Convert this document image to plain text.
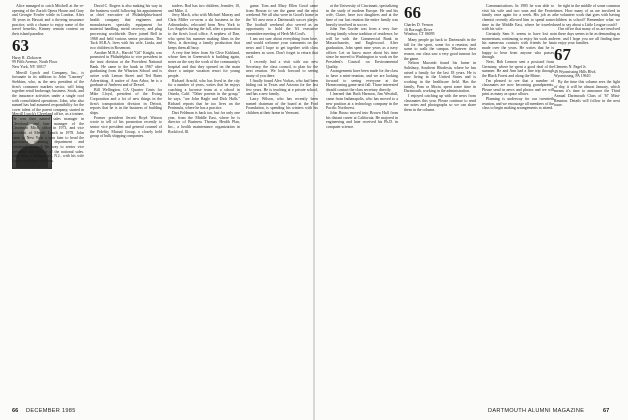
Alice managed to catch Mitchell at the re-opening of the Zurich Opera House and Gary and Georgie Fowler while in London. After 36 years in Hawaii and a thriving insurance practice, with a chance to enjoy some of the travel benefits, Kinney remain content on their island paradise.

63

Harry R. Zlokower
99 Fifth Avenue, North Floor
New York, NY 10017

Merrill Lynch and Company, Inc., is fortunate in its addition to John "Laurney" Stebbins, who, as the new president of the firm's consumer markets sector, will bring together retail brokerage, business. Stock, and the insurance activities under a single roof with consolidated operations. John, who also named has had assumed responsibility for the cover talent of the parent company, started in Merrill Lynch's Cleveland office, as a trainee. He was then named sales manager in Cleveland, and later manager of the Cincinnati Mich. office in 1973, and vice president of Merrill Lynch in 1978. John came to New York a year later to head the operations planning department and continued to work his way to senior vice president and director of the national sales. John lives in Ridgewood, N.J., with his wife Louise, and three children.

David C. Rogers is also making his way in the business world following his appointment as chief executive of Philadelphia-based health company that engineers and manufactures specialty equipment for material handling, metal recovery, and plug processing worldwide. Dave joined Bell in 1968 and held various senior positions. The Tuck M.B.A. lives with his wife, Linda, and two children in Rosemont.

Another M.B.A., Harold "Gil" Knight, was promoted in Philadelphia to vice president in the trust division at the Provident National Bank. He came to the bank in 1967 after graduating from the Wharton School and is active with Lemon Street and Ted Bates Advertising. A native of Ann Arbor, he is a graduate of Amherst and of Drexel.

Bill Wellington, CA Quarter Cents for Mike Lloyd, president of the Ewing Corporation and a lot of new things in the firm's transportation division in Detroit, reports that he is in the business of building ships.

Former president Jerrett Boyd Watson wrote to tell of his promotion recently to senior vice president and general counsel of the Fidelity Mutual Group, a closely held group of bulk shipping companies.

traders. Rod has two children, Jennifer, 10, and Mike, 4.

Jerry Mach, who with Michael Murray and Chris Miller co-owns a ski business in the Adirondacks, relocated from New York to Los Angeles during the fall, after a promotion to the firm's local office. A nephew of Dan, who spent his summer making films in the West, is directing a family production that keeps them all busy.

A very fine letter from Sir Clive Kirkland, whose firm in Greenwich is building again, notes on the way the work of the community's hospital and that they opened on the main shore a unique vacation resort for young people.

Richard Arnold, who has lived in the city for a number of years, writes that he enjoys coaching a lacrosse team at a school in Orinda, Calif. "Other parents in the group," he says, "are John Ragle and Dick Halls." Richard reports that he too lives on the Peninsula, where he has a practice.

Dart Feldman is back too, but for only one year, from the Middle East, where he is director of Business Thomas Health Plan, Inc., a health maintenance organization in Rockford, Ill.

game. Tom and Mary Ellen Good came from Boston to see the game and the next weekend. We all also were in Good's home in the '63 area near a Dartmouth soccer player. The football weekend also served as an opportunity to hold the '63 executive committee meeting of Herb McCord's.

I am not sure about everything from here, and would welcome your comments on the news and I hope to get together with class members as soon. Don't forget to return that card.

I recently had a visit with our new Secretary, the class council, to plan for the next reunion. We look forward to seeing many of you there.

I finally found Alex Vorkas, who had been hiding out in Texas and Arizona for the last few years. He is teaching at a private school, and has a new family.

Larry Wilson, who has recently been named chairman of the board at the Ford Foundation, is spending his winters with his children at their home in Vermont.

at the University of Cincinnati, specializing in the study of modern Europe. He and his wife, Claire, have two daughters and at the time of our last reunion the entire family was heavily involved in soccer.

John Van Gorder was from a very fun-loving family whose tradition of residence, he will be with the Commercial Bank in Massachusetts, and Englewood. After graduation, John spent nine years as a navy officer. Let us know more about his time since he moved to Washington to work on the President's Council on Environmental Quality.

Arrangements have been made for the class to have a mini-reunion, and we are looking forward to seeing everyone at the Homecoming game next fall. Those interested should contact the class secretary directly.

I learned that Ruth Harmon, Jim Westfall, came from Indianapolis, who has moved to a new position at a technology company in the Pacific Northwest.

John Russo moved into Brown Hall from his distant career at California. He majored in engineering and later received his Ph.D. in computer science.

66

Charles D. Vernon
16 Borough Drive
Windsor, CT 06095

Many people go back to Dartmouth in the fall for the sport, some for a reunion, and some to walk the campus. Whatever their reason, our class saw a very good turnout for the game.

Nelson Macomb found his home in Salisbury, Southern Rhodesia, where he has raised a family for the last 18 years. He is now living in the United States and is working in the healthcare field. Has the family, Pam or Moria, spent some time in Dartmouth, working in the administration.

I enjoyed catching up with the news from classmates this year. Please continue to send me notes and photographs so we can share them in the column.

Communications. In 1985 he was able to visit his wife and two sons and the Ferrie family once again for a week. His job as a chemist recently allowed him to spend some time in the Middle East, where he traveled with his wife.

Certainly Sam S. seems to have lost no momentum, continuing to enjoy his work and his numerous contacts with friends he has made over the years. He writes that he is happy to hear from anyone who passes through.

Next, Bob Lennon sent a postcard from Germany, where he spent a good deal of the summer. He and Ann had a fine trip through the Black Forest and along the Rhine.

I'm pleased to see that a number of classmates are now becoming grandparents. Please send in news and photos and we will print as many as space allows.

Planning is underway for our twentieth reunion, and we encourage all members of the class to begin making arrangements to attend.

be right in the middle of some common times. How many of us are involved in the volunteer work that goes with having children in school? Remember what we used to say about a Little League coach?

Our office that many of us are involved in these days seems to be as demanding as ever, and I hope you are all finding time to enjoy your families.

67

Clemens N. Pagel Jr.
49 Wyomissing Hills Blvd.
Wyomissing, PA 19610

By the time this column sees the light of day, it will be almost January, which means it's time to announce the Third Annual Dartmouth Class of '67 Mini-Reunion. Details will follow in the next issue.

66 DECEMBER 1985	DARTMOUTH ALUMNI MAGAZINE	67
